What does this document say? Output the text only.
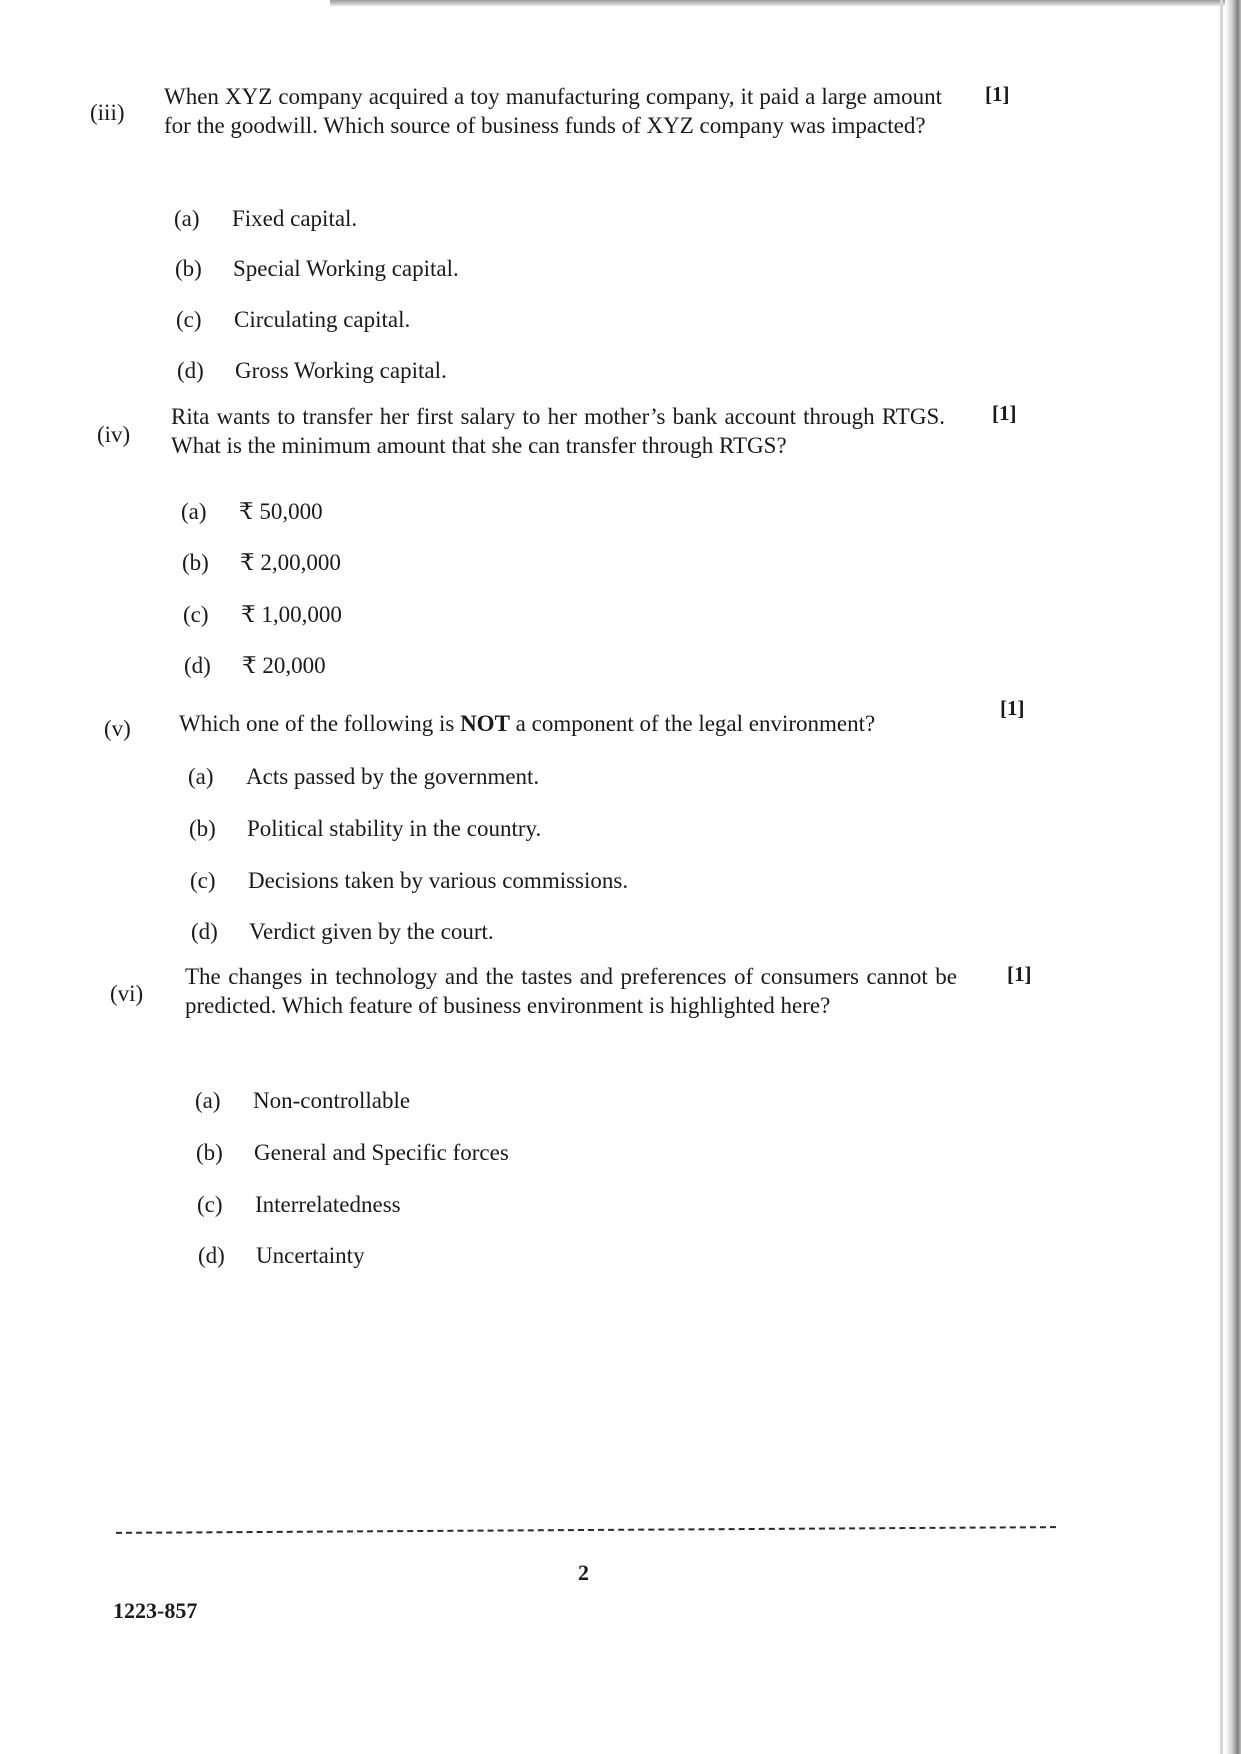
(iii)
When XYZ company acquired a toy manufacturing company, it paid a large amount for the goodwill. Which source of business funds of XYZ company was impacted?
[1]
(a) Fixed capital.
(b) Special Working capital.
(c) Circulating capital.
(d) Gross Working capital.
(iv)
Rita wants to transfer her first salary to her mother’s bank account through RTGS. What is the minimum amount that she can transfer through RTGS?
[1]
(a) ₹ 50,000
(b) ₹ 2,00,000
(c) ₹ 1,00,000
(d) ₹ 20,000
(v) Which one of the following is NOT a component of the legal environment?
[1]
(a) Acts passed by the government.
(b) Political stability in the country.
(c) Decisions taken by various commissions.
(d) Verdict given by the court.
(vi)
The changes in technology and the tastes and preferences of consumers cannot be predicted. Which feature of business environment is highlighted here?
[1]
(a) Non-controllable
(b) General and Specific forces
(c) Interrelatedness
(d) Uncertainty
2
1223-857
